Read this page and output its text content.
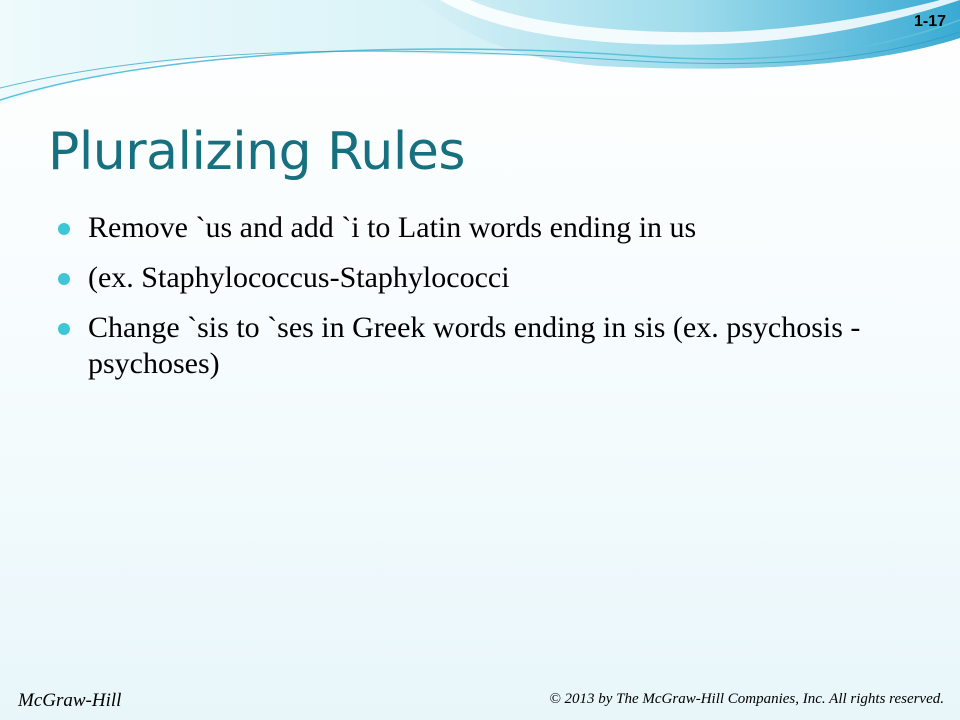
1-17
Pluralizing Rules
Remove `us and add `i to Latin words ending in us
(ex. Staphylococcus-Staphylococci
Change `sis to `ses in Greek words ending in sis (ex. psychosis - psychoses)
McGraw-Hill	© 2013 by The McGraw-Hill Companies, Inc. All rights reserved.
